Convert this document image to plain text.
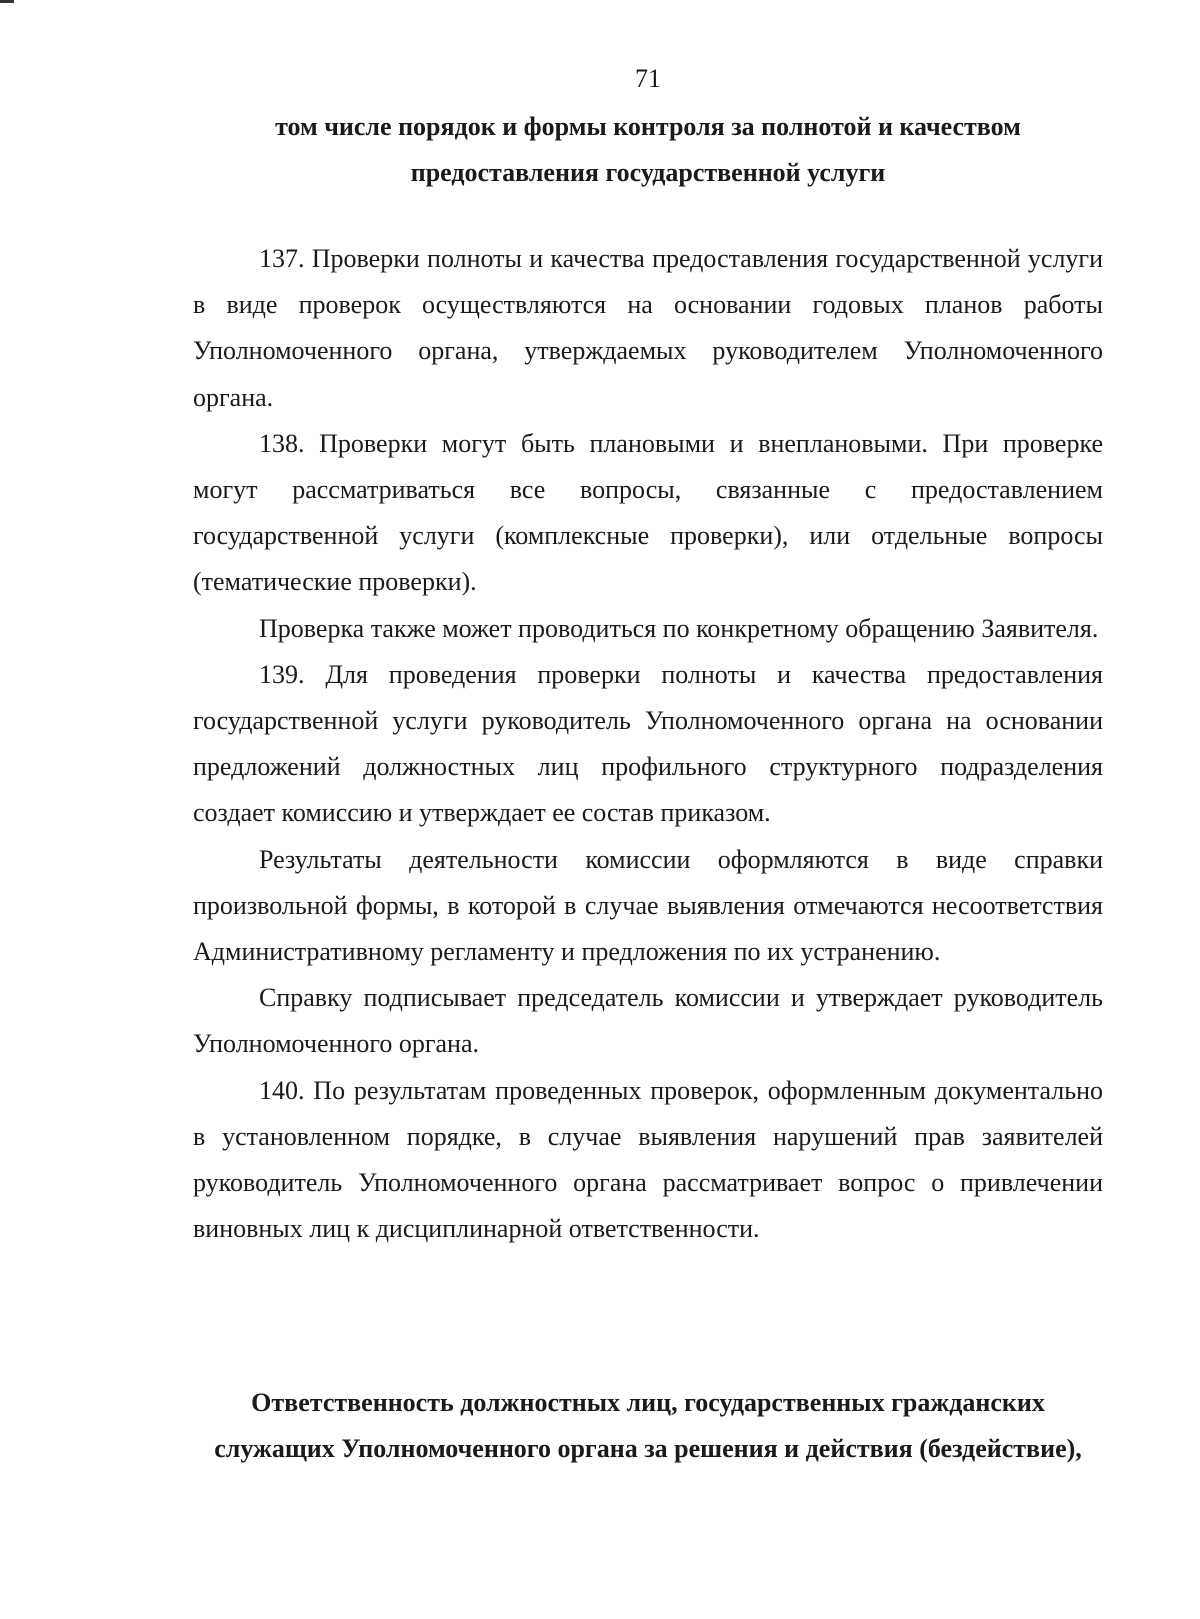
71
том числе порядок и формы контроля за полнотой и качеством
предоставления государственной услуги

137. Проверки полноты и качества предоставления государственной услуги в виде проверок осуществляются на основании годовых планов работы Уполномоченного органа, утверждаемых руководителем Уполномоченного органа.

138. Проверки могут быть плановыми и внеплановыми. При проверке могут рассматриваться все вопросы, связанные с предоставлением государственной услуги (комплексные проверки), или отдельные вопросы (тематические проверки).

Проверка также может проводиться по конкретному обращению Заявителя.

139. Для проведения проверки полноты и качества предоставления государственной услуги руководитель Уполномоченного органа на основании предложений должностных лиц профильного структурного подразделения создает комиссию и утверждает ее состав приказом.

Результаты деятельности комиссии оформляются в виде справки произвольной формы, в которой в случае выявления отмечаются несоответствия Административному регламенту и предложения по их устранению.

Справку подписывает председатель комиссии и утверждает руководитель Уполномоченного органа.

140. По результатам проведенных проверок, оформленным документально в установленном порядке, в случае выявления нарушений прав заявителей руководитель Уполномоченного органа рассматривает вопрос о привлечении виновных лиц к дисциплинарной ответственности.

Ответственность должностных лиц, государственных гражданских
служащих Уполномоченного органа за решения и действия (бездействие),
